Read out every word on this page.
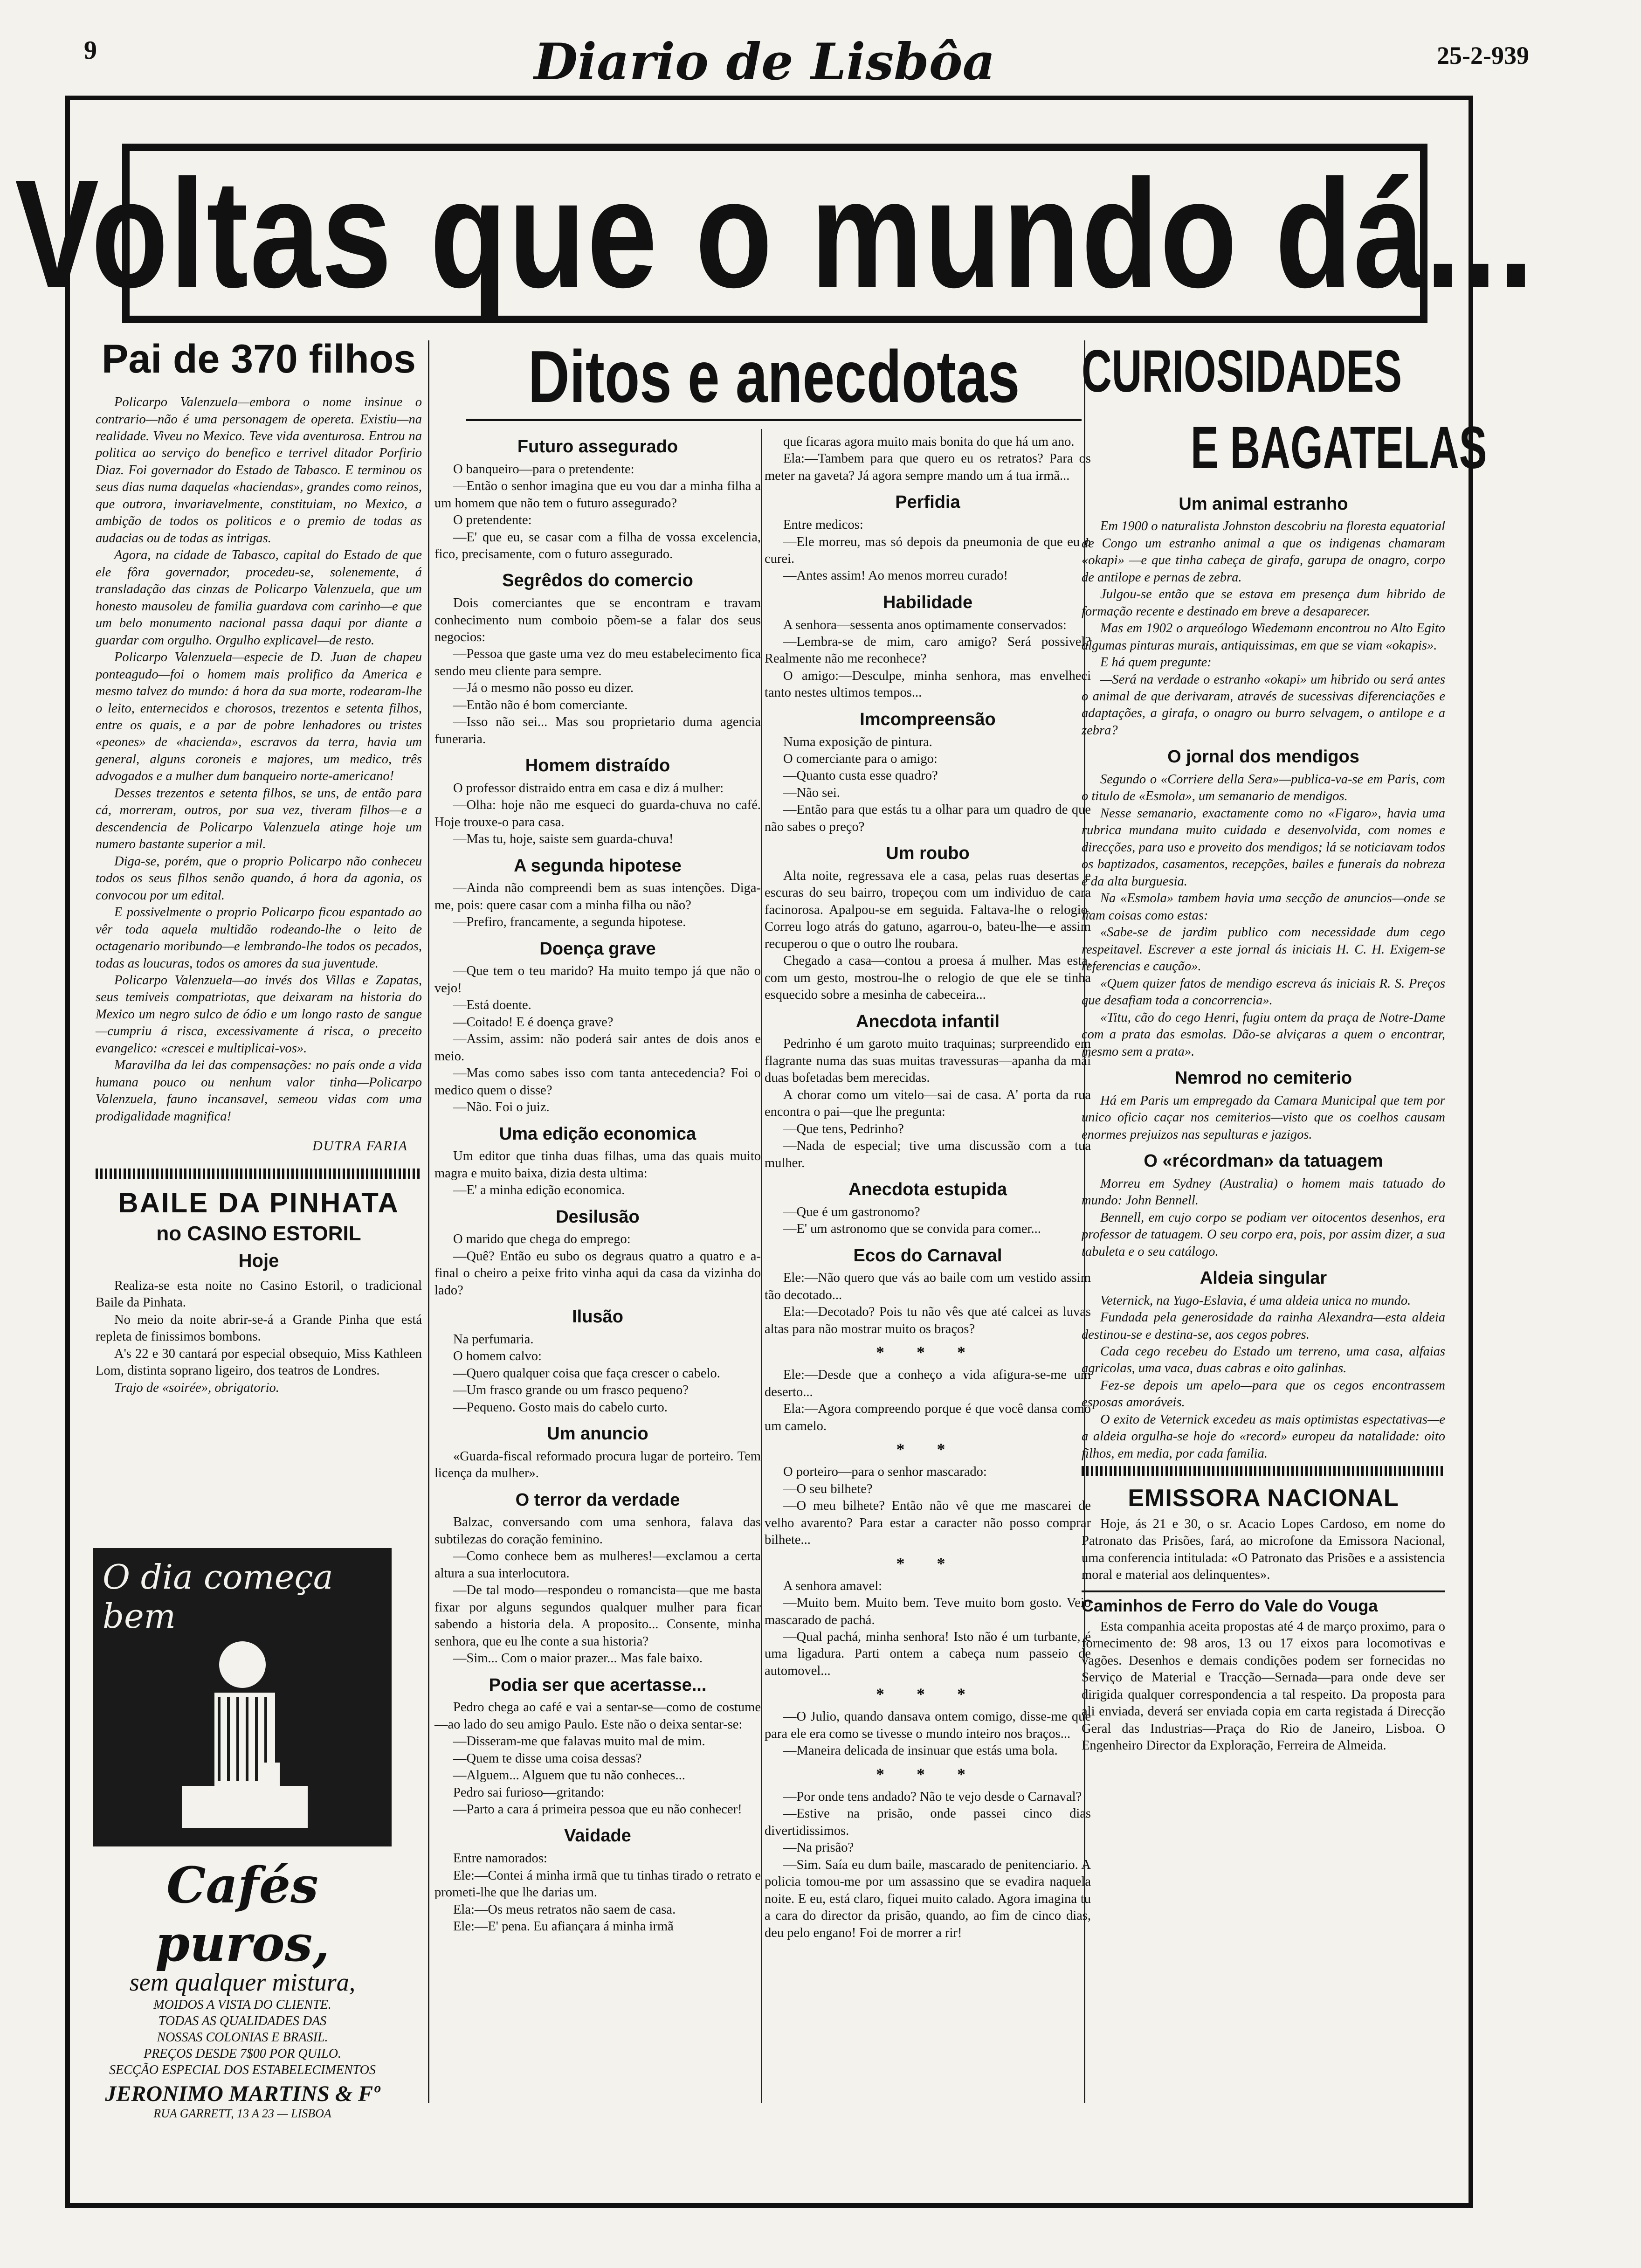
9	Diario de Lisbôa	25-2-939
Voltas que o mundo dá...
Pai de 370 filhos

Policarpo Valenzuela—embora o nome insinue o contrario—não é uma personagem de opereta. Existiu—na realidade. Viveu no Mexico. Teve vida aventurosa. Entrou na politica ao serviço do benefico e terrivel ditador Porfirio Diaz. Foi governador do Estado de Tabasco. E terminou os seus dias numa daquelas «haciendas», grandes como reinos, que outrora, invariavelmente, constituiam, no Mexico, a ambição de todos os politicos e o premio de todas as audacias ou de todas as intrigas.

Agora, na cidade de Tabasco, capital do Estado de que ele fôra governador, procedeu-se, solenemente, á transladação das cinzas de Policarpo Valenzuela, que um honesto mausoleu de familia guardava com carinho—e que um belo monumento nacional passa daqui por diante a guardar com orgulho. Orgulho explicavel—de resto.

Policarpo Valenzuela—especie de D. Juan de chapeu ponteagudo—foi o homem mais prolifico da America e mesmo talvez do mundo: á hora da sua morte, rodearam-lhe o leito, enternecidos e chorosos, trezentos e setenta filhos, entre os quais, e a par de pobre lenhadores ou tristes «peones» de «hacienda», escravos da terra, havia um general, alguns coroneis e majores, um medico, três advogados e a mulher dum banqueiro norte-americano!

Desses trezentos e setenta filhos, se uns, de então para cá, morreram, outros, por sua vez, tiveram filhos—e a descendencia de Policarpo Valenzuela atinge hoje um numero bastante superior a mil.

Diga-se, porém, que o proprio Policarpo não conheceu todos os seus filhos senão quando, á hora da agonia, os convocou por um edital.

E possivelmente o proprio Policarpo ficou espantado ao vêr toda aquela multidão rodeando-lhe o leito de octagenario moribundo—e lembrando-lhe todos os pecados, todas as loucuras, todos os amores da sua juventude.

Policarpo Valenzuela—ao invés dos Villas e Zapatas, seus temiveis compatriotas, que deixaram na historia do Mexico um negro sulco de ódio e um longo rasto de sangue—cumpriu á risca, excessivamente á risca, o preceito evangelico: «crescei e multiplicai-vos».

Maravilha da lei das compensações: no país onde a vida humana pouco ou nenhum valor tinha—Policarpo Valenzuela, fauno incansavel, semeou vidas com uma prodigalidade magnifica!

DUTRA FARIA
BAILE DA PINHATA
no CASINO ESTORIL
Hoje

Realiza-se esta noite no Casino Estoril, o tradicional Baile da Pinhata.

No meio da noite abrir-se-á a Grande Pinha que está repleta de finissimos bombons.

A's 22 e 30 cantará por especial obsequio, Miss Kathleen Lom, distinta soprano ligeiro, dos teatros de Londres.

Trajo de «soirée», obrigatorio.

O dia começa bem
Cafés puros,
sem qualquer mistura,
MOIDOS A VISTA DO CLIENTE.
TODAS AS QUALIDADES DAS
NOSSAS COLONIAS E BRASIL.
PREÇOS DESDE 7$00 POR QUILO.
SECÇÃO ESPECIAL DOS ESTABELECIMENTOS
JERONIMO MARTINS & Fº
RUA GARRETT, 13 A 23 — LISBOA
Ditos e anecdotas
Futuro assegurado

O banqueiro—para o pretendente:

—Então o senhor imagina que eu vou dar a minha filha a um homem que não tem o futuro assegurado?

O pretendente:

—E' que eu, se casar com a filha de vossa excelencia, fico, precisamente, com o futuro assegurado.

Segrêdos do comercio

Dois comerciantes que se encontram e travam conhecimento num comboio põem-se a falar dos seus negocios:

—Pessoa que gaste uma vez do meu estabelecimento fica sendo meu cliente para sempre.

—Já o mesmo não posso eu dizer.

—Então não é bom comerciante.

—Isso não sei... Mas sou proprietario duma agencia funeraria.

Homem distraído

O professor distraido entra em casa e diz á mulher:

—Olha: hoje não me esqueci do guarda-chuva no café. Hoje trouxe-o para casa.

—Mas tu, hoje, saiste sem guarda-chuva!

A segunda hipotese

—Ainda não compreendi bem as suas intenções. Diga-me, pois: quere casar com a minha filha ou não?

—Prefiro, francamente, a segunda hipotese.

Doença grave

—Que tem o teu marido? Ha muito tempo já que não o vejo!

—Está doente.

—Coitado! E é doença grave?

—Assim, assim: não poderá sair antes de dois anos e meio.

—Mas como sabes isso com tanta antecedencia? Foi o medico quem o disse?

—Não. Foi o juiz.

Uma edição economica

Um editor que tinha duas filhas, uma das quais muito magra e muito baixa, dizia desta ultima:

—E' a minha edição economica.

Desilusão

O marido que chega do emprego:

—Quê? Então eu subo os degraus quatro a quatro e a-final o cheiro a peixe frito vinha aqui da casa da vizinha do lado?

Ilusão

Na perfumaria.

O homem calvo:

—Quero qualquer coisa que faça crescer o cabelo.

—Um frasco grande ou um frasco pequeno?

—Pequeno. Gosto mais do cabelo curto.

Um anuncio

«Guarda-fiscal reformado procura lugar de porteiro. Tem licença da mulher».

O terror da verdade

Balzac, conversando com uma senhora, falava das subtilezas do coração feminino.

—Como conhece bem as mulheres!—exclamou a certa altura a sua interlocutora.

—De tal modo—respondeu o romancista—que me basta fixar por alguns segundos qualquer mulher para ficar sabendo a historia dela. A proposito... Consente, minha senhora, que eu lhe conte a sua historia?

—Sim... Com o maior prazer... Mas fale baixo.

Podia ser que acertasse...

Pedro chega ao café e vai a sentar-se—como de costume—ao lado do seu amigo Paulo. Este não o deixa sentar-se:

—Disseram-me que falavas muito mal de mim.

—Quem te disse uma coisa dessas?

—Alguem... Alguem que tu não conheces...

Pedro sai furioso—gritando:

—Parto a cara á primeira pessoa que eu não conhecer!

Vaidade

Entre namorados:

Ele:—Contei á minha irmã que tu tinhas tirado o retrato e prometi-lhe que lhe darias um.

Ela:—Os meus retratos não saem de casa.

Ele:—E' pena. Eu afiançara á minha irmã

que ficaras agora muito mais bonita do que há um ano.

Ela:—Tambem para que quero eu os retratos? Para os meter na gaveta? Já agora sempre mando um á tua irmã...

Perfidia

Entre medicos:

—Ele morreu, mas só depois da pneumonia de que eu o curei.

—Antes assim! Ao menos morreu curado!

Habilidade

A senhora—sessenta anos optimamente conservados:

—Lembra-se de mim, caro amigo? Será possivel? Realmente não me reconhece?

O amigo:—Desculpe, minha senhora, mas envelheci tanto nestes ultimos tempos...

Imcompreensão

Numa exposição de pintura.

O comerciante para o amigo:

—Quanto custa esse quadro?

—Não sei.

—Então para que estás tu a olhar para um quadro de que não sabes o preço?

Um roubo

Alta noite, regressava ele a casa, pelas ruas desertas e escuras do seu bairro, tropeçou com um individuo de cara facinorosa. Apalpou-se em seguida. Faltava-lhe o relogio. Correu logo atrás do gatuno, agarrou-o, bateu-lhe—e assim recuperou o que o outro lhe roubara.

Chegado a casa—contou a proesa á mulher. Mas esta, com um gesto, mostrou-lhe o relogio de que ele se tinha esquecido sobre a mesinha de cabeceira...

Anecdota infantil

Pedrinho é um garoto muito traquinas; surpreendido em flagrante numa das suas muitas travessuras—apanha da mãi duas bofetadas bem merecidas.

A chorar como um vitelo—sai de casa. A' porta da rua encontra o pai—que lhe pregunta:

—Que tens, Pedrinho?

—Nada de especial; tive uma discussão com a tua mulher.

Anecdota estupida

—Que é um gastronomo?

—E' um astronomo que se convida para comer...

Ecos do Carnaval

Ele:—Não quero que vás ao baile com um vestido assim tão decotado...

Ela:—Decotado? Pois tu não vês que até calcei as luvas altas para não mostrar muito os braços?

* * *

Ele:—Desde que a conheço a vida afigura-se-me um deserto...

Ela:—Agora compreendo porque é que você dansa como um camelo.

* *

O porteiro—para o senhor mascarado:

—O seu bilhete?

—O meu bilhete? Então não vê que me mascarei de velho avarento? Para estar a caracter não posso comprar bilhete...

* *

A senhora amavel:

—Muito bem. Muito bem. Teve muito bom gosto. Veio mascarado de pachá.

—Qual pachá, minha senhora! Isto não é um turbante, é uma ligadura. Parti ontem a cabeça num passeio de automovel...

* * *

—O Julio, quando dansava ontem comigo, disse-me que para ele era como se tivesse o mundo inteiro nos braços...

—Maneira delicada de insinuar que estás uma bola.

* * *

—Por onde tens andado? Não te vejo desde o Carnaval?

—Estive na prisão, onde passei cinco dias divertidissimos.

—Na prisão?

—Sim. Saía eu dum baile, mascarado de penitenciario. A policia tomou-me por um assassino que se evadira naquela noite. E eu, está claro, fiquei muito calado. Agora imagina tu a cara do director da prisão, quando, ao fim de cinco dias, deu pelo engano! Foi de morrer a rir!

CURIOSIDADES
E BAGATELAS
Um animal estranho

Em 1900 o naturalista Johnston descobriu na floresta equatorial de Congo um estranho animal a que os indigenas chamaram «okapi» —e que tinha cabeça de girafa, garupa de onagro, corpo de antilope e pernas de zebra.

Julgou-se então que se estava em presença dum hibrido de formação recente e destinado em breve a desaparecer.

Mas em 1902 o arqueólogo Wiedemann encontrou no Alto Egito algumas pinturas murais, antiquissimas, em que se viam «okapis».

E há quem pregunte:

—Será na verdade o estranho «okapi» um hibrido ou será antes o animal de que derivaram, através de sucessivas diferenciações e adaptações, a girafa, o onagro ou burro selvagem, o antilope e a zebra?

O jornal dos mendigos

Segundo o «Corriere della Sera»—publica-va-se em Paris, com o titulo de «Esmola», um semanario de mendigos.

Nesse semanario, exactamente como no «Figaro», havia uma rubrica mundana muito cuidada e desenvolvida, com nomes e direcções, para uso e proveito dos mendigos; lá se noticiavam todos os baptizados, casamentos, recepções, bailes e funerais da nobreza e da alta burguesia.

Na «Esmola» tambem havia uma secção de anuncios—onde se liam coisas como estas:

«Sabe-se de jardim publico com necessidade dum cego respeitavel. Escrever a este jornal ás iniciais H. C. H. Exigem-se referencias e caução».

«Quem quizer fatos de mendigo escreva ás iniciais R. S. Preços que desafiam toda a concorrencia».

«Titu, cão do cego Henri, fugiu ontem da praça de Notre-Dame com a prata das esmolas. Dão-se alviçaras a quem o encontrar, mesmo sem a prata».

Nemrod no cemiterio

Há em Paris um empregado da Camara Municipal que tem por unico oficio caçar nos cemiterios—visto que os coelhos causam enormes prejuizos nas sepulturas e jazigos.

O «récordman» da tatuagem

Morreu em Sydney (Australia) o homem mais tatuado do mundo: John Bennell.

Bennell, em cujo corpo se podiam ver oitocentos desenhos, era professor de tatuagem. O seu corpo era, pois, por assim dizer, a sua tabuleta e o seu catálogo.

Aldeia singular

Veternick, na Yugo-Eslavia, é uma aldeia unica no mundo.

Fundada pela generosidade da rainha Alexandra—esta aldeia destinou-se e destina-se, aos cegos pobres.

Cada cego recebeu do Estado um terreno, uma casa, alfaias agricolas, uma vaca, duas cabras e oito galinhas.

Fez-se depois um apelo—para que os cegos encontrassem esposas amoráveis.

O exito de Veternick excedeu as mais optimistas espectativas—e a aldeia orgulha-se hoje do «record» europeu da natalidade: oito filhos, em media, por cada familia.

EMISSORA NACIONAL

Hoje, ás 21 e 30, o sr. Acacio Lopes Cardoso, em nome do Patronato das Prisões, fará, ao microfone da Emissora Nacional, uma conferencia intitulada: «O Patronato das Prisões e a assistencia moral e material aos delinquentes».

Caminhos de Ferro do Vale do Vouga

Esta companhia aceita propostas até 4 de março proximo, para o fornecimento de: 98 aros, 13 ou 17 eixos para locomotivas e vagões. Desenhos e demais condições podem ser fornecidas no Serviço de Material e Tracção—Sernada—para onde deve ser dirigida qualquer correspondencia a tal respeito. Da proposta para ali enviada, deverá ser enviada copia em carta registada á Direcção Geral das Industrias—Praça do Rio de Janeiro, Lisboa. O Engenheiro Director da Exploração, Ferreira de Almeida.
